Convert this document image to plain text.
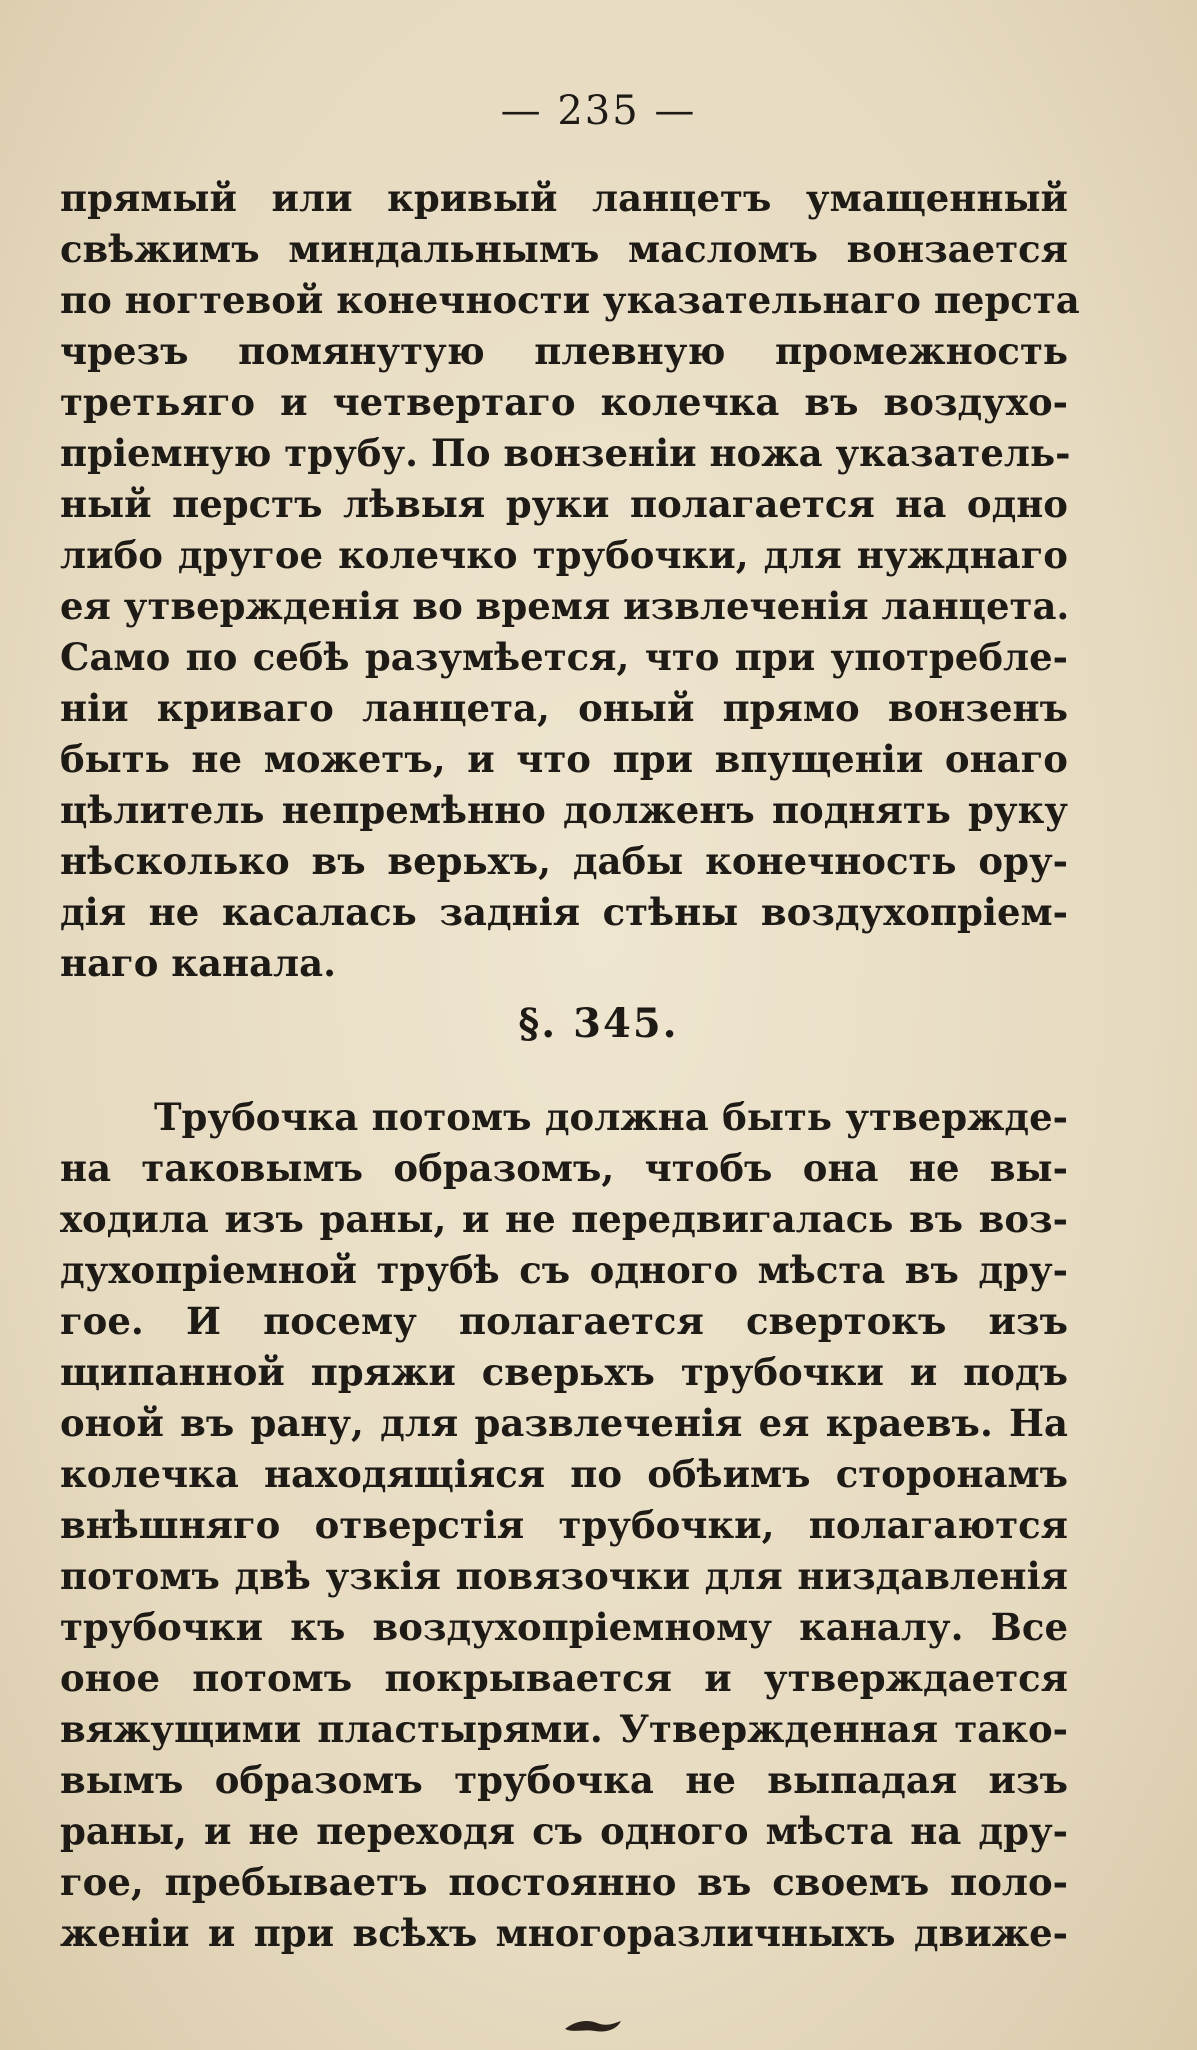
— 235 —
прямый или кривый ланцетъ умащенный
свѣжимъ миндальнымъ масломъ вонзается
по ногтевой конечности указательнаго перста
чрезъ помянутую плевную промежность
третьяго и четвертаго колечка въ воздухо-
пріемную трубу. По вонзенiи ножа указатель-
ный перстъ лѣвыя руки полагается на одно
либо другое колечко трубочки, для нужднаго
ея утвержденiя во время извлеченiя ланцета.
Само по себѣ разумѣется, что при употребле-
нiи криваго ланцета, оный прямо вонзенъ
быть не можетъ, и что при впущенiи онаго
цѣлитель непремѣнно долженъ поднять руку
нѣсколько въ верьхъ, дабы конечность ору-
дiя не касалась заднiя стѣны воздухопріем-
наго канала.
§. 345.
Трубочка потомъ должна быть утвержде-
на таковымъ образомъ, чтобъ она не вы-
ходила изъ раны, и не передвигалась въ воз-
духопріемной трубѣ съ одного мѣста въ дру-
гое. И посему полагается свертокъ изъ
щипанной пряжи сверьхъ трубочки и подъ
оной въ рану, для развлеченiя ея краевъ. На
колечка находящiяся по обѣимъ сторонамъ
внѣшняго отверстiя трубочки, полагаются
потомъ двѣ узкiя повязочки для низдавленiя
трубочки къ воздухопріемному каналу. Все
оное потомъ покрывается и утверждается
вяжущими пластырями. Утвержденная тако-
вымъ образомъ трубочка не выпадая изъ
раны, и не переходя съ одного мѣста на дру-
гое, пребываетъ постоянно въ своемъ поло-
женiи и при всѣхъ многоразличныхъ движе-
